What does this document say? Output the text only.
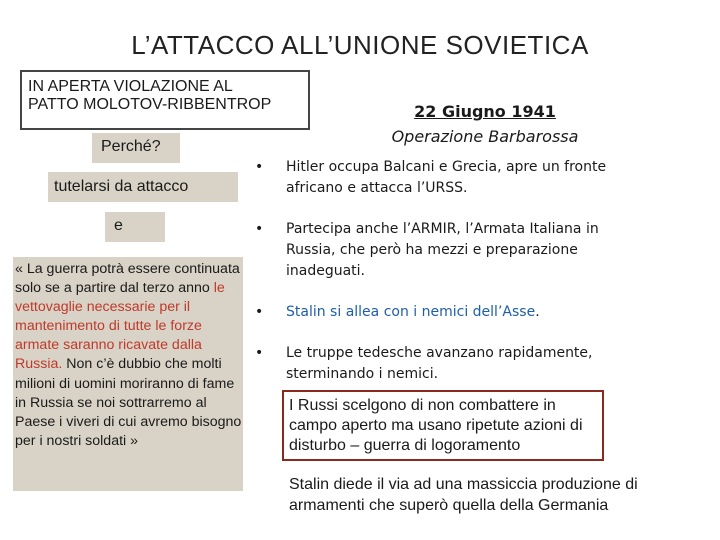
L’ATTACCO ALL’UNIONE SOVIETICA
IN APERTA VIOLAZIONE AL PATTO MOLOTOV-RIBBENTROP
Perché?
tutelarsi da attacco
e
« La guerra potrà essere continuata solo se a partire dal terzo anno le vettovaglie necessarie per il mantenimento di tutte le forze armate saranno ricavate dalla Russia. Non c’è dubbio che molti milioni di uomini moriranno di fame in Russia se noi sottrarremo al Paese i viveri di cui avremo bisogno per i nostri soldati »
22 Giugno 1941
Operazione Barbarossa
•	Hitler occupa Balcani e Grecia, apre un fronte africano e attacca l’URSS.
•	Partecipa anche l’ARMIR, l’Armata Italiana in Russia, che però ha mezzi e preparazione inadeguati.
•	Stalin si allea con i nemici dell’Asse.
•	Le truppe tedesche avanzano rapidamente, sterminando i nemici.
I Russi scelgono di non combattere in campo aperto ma usano ripetute azioni di disturbo – guerra di logoramento
Stalin diede il via ad una massiccia produzione di armamenti che superò quella della Germania
